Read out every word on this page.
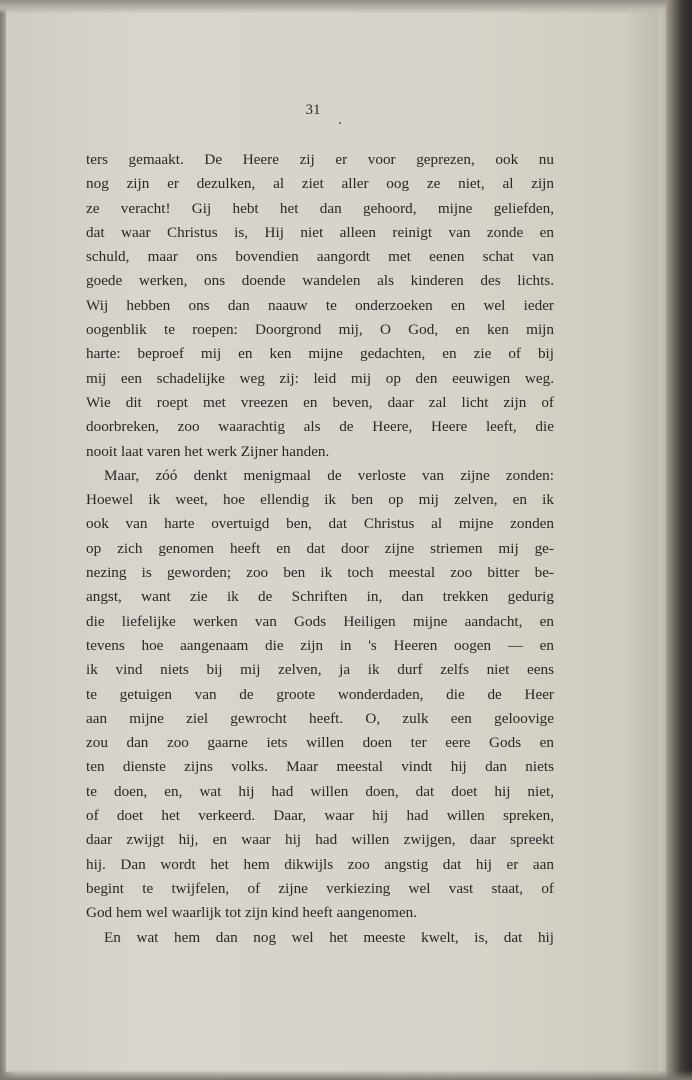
31
ters gemaakt. De Heere zij er voor geprezen, ook nu
nog zijn er dezulken, al ziet aller oog ze niet, al zijn
ze veracht! Gij hebt het dan gehoord, mijne geliefden,
dat waar Christus is, Hij niet alleen reinigt van zonde en
schuld, maar ons bovendien aangordt met eenen schat van
goede werken, ons doende wandelen als kinderen des lichts.
Wij hebben ons dan naauw te onderzoeken en wel ieder
oogenblik te roepen: Doorgrond mij, O God, en ken mijn
harte: beproef mij en ken mijne gedachten, en zie of bij
mij een schadelijke weg zij: leid mij op den eeuwigen weg.
Wie dit roept met vreezen en beven, daar zal licht zijn of
doorbreken, zoo waarachtig als de Heere, Heere leeft, die
nooit laat varen het werk Zijner handen.
Maar, zóó denkt menigmaal de verloste van zijne zonden:
Hoewel ik weet, hoe ellendig ik ben op mij zelven, en ik
ook van harte overtuigd ben, dat Christus al mijne zonden
op zich genomen heeft en dat door zijne striemen mij ge-
nezing is geworden; zoo ben ik toch meestal zoo bitter be-
angst, want zie ik de Schriften in, dan trekken gedurig
die liefelijke werken van Gods Heiligen mijne aandacht, en
tevens hoe aangenaam die zijn in 's Heeren oogen — en
ik vind niets bij mij zelven, ja ik durf zelfs niet eens
te getuigen van de groote wonderdaden, die de Heer
aan mijne ziel gewrocht heeft. O, zulk een geloovige
zou dan zoo gaarne iets willen doen ter eere Gods en
ten dienste zijns volks. Maar meestal vindt hij dan niets
te doen, en, wat hij had willen doen, dat doet hij niet,
of doet het verkeerd. Daar, waar hij had willen spreken,
daar zwijgt hij, en waar hij had willen zwijgen, daar spreekt
hij. Dan wordt het hem dikwijls zoo angstig dat hij er aan
begint te twijfelen, of zijne verkiezing wel vast staat, of
God hem wel waarlijk tot zijn kind heeft aangenomen.
En wat hem dan nog wel het meeste kwelt, is, dat hij
